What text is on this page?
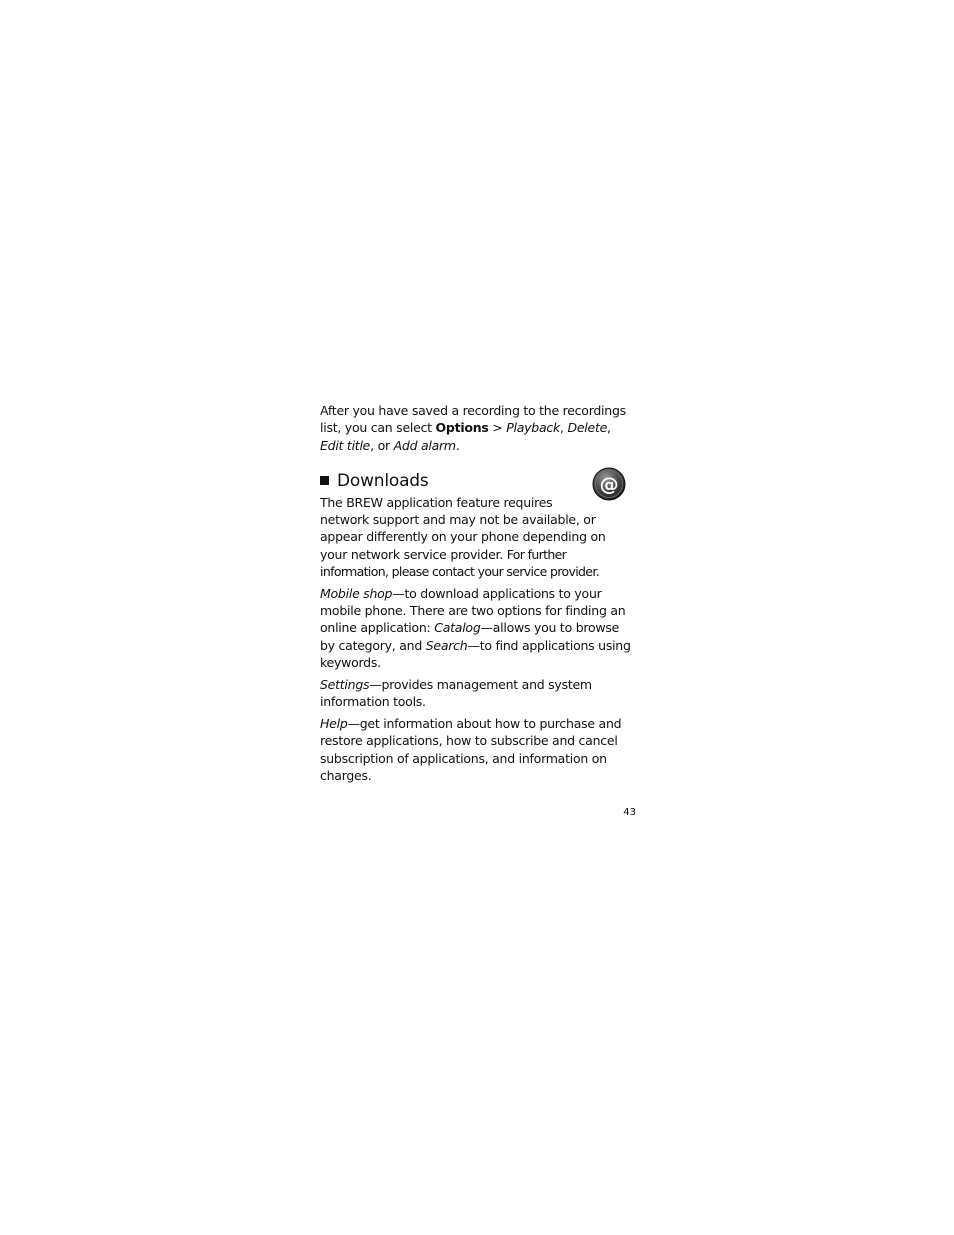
After you have saved a recording to the recordings list, you can select Options > Playback, Delete, Edit title, or Add alarm.

Downloads	@

The BREW application feature requires network support and may not be available, or appear differently on your phone depending on your network service provider. For further information, please contact your service provider.

Mobile shop—to download applications to your mobile phone. There are two options for finding an online application: Catalog—allows you to browse by category, and Search—to find applications using keywords.

Settings—provides management and system information tools.

Help—get information about how to purchase and restore applications, how to subscribe and cancel subscription of applications, and information on charges.

43
